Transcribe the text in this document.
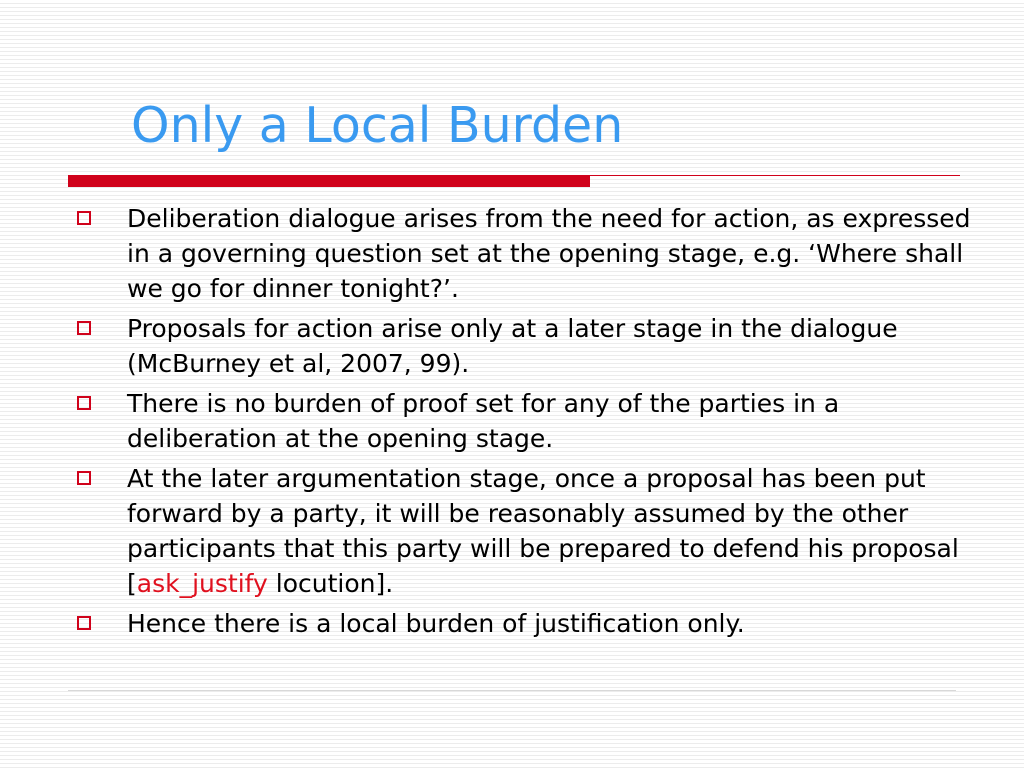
Only a Local Burden
Deliberation dialogue arises from the need for action, as expressed in a governing question set at the opening stage, e.g. ‘Where shall we go for dinner tonight?’.
Proposals for action arise only at a later stage in the dialogue (McBurney et al, 2007, 99).
There is no burden of proof set for any of the parties in a deliberation at the opening stage.
At the later argumentation stage, once a proposal has been put forward by a party, it will be reasonably assumed by the other participants that this party will be prepared to defend his proposal [ask_justify locution].
Hence there is a local burden of justification only.
